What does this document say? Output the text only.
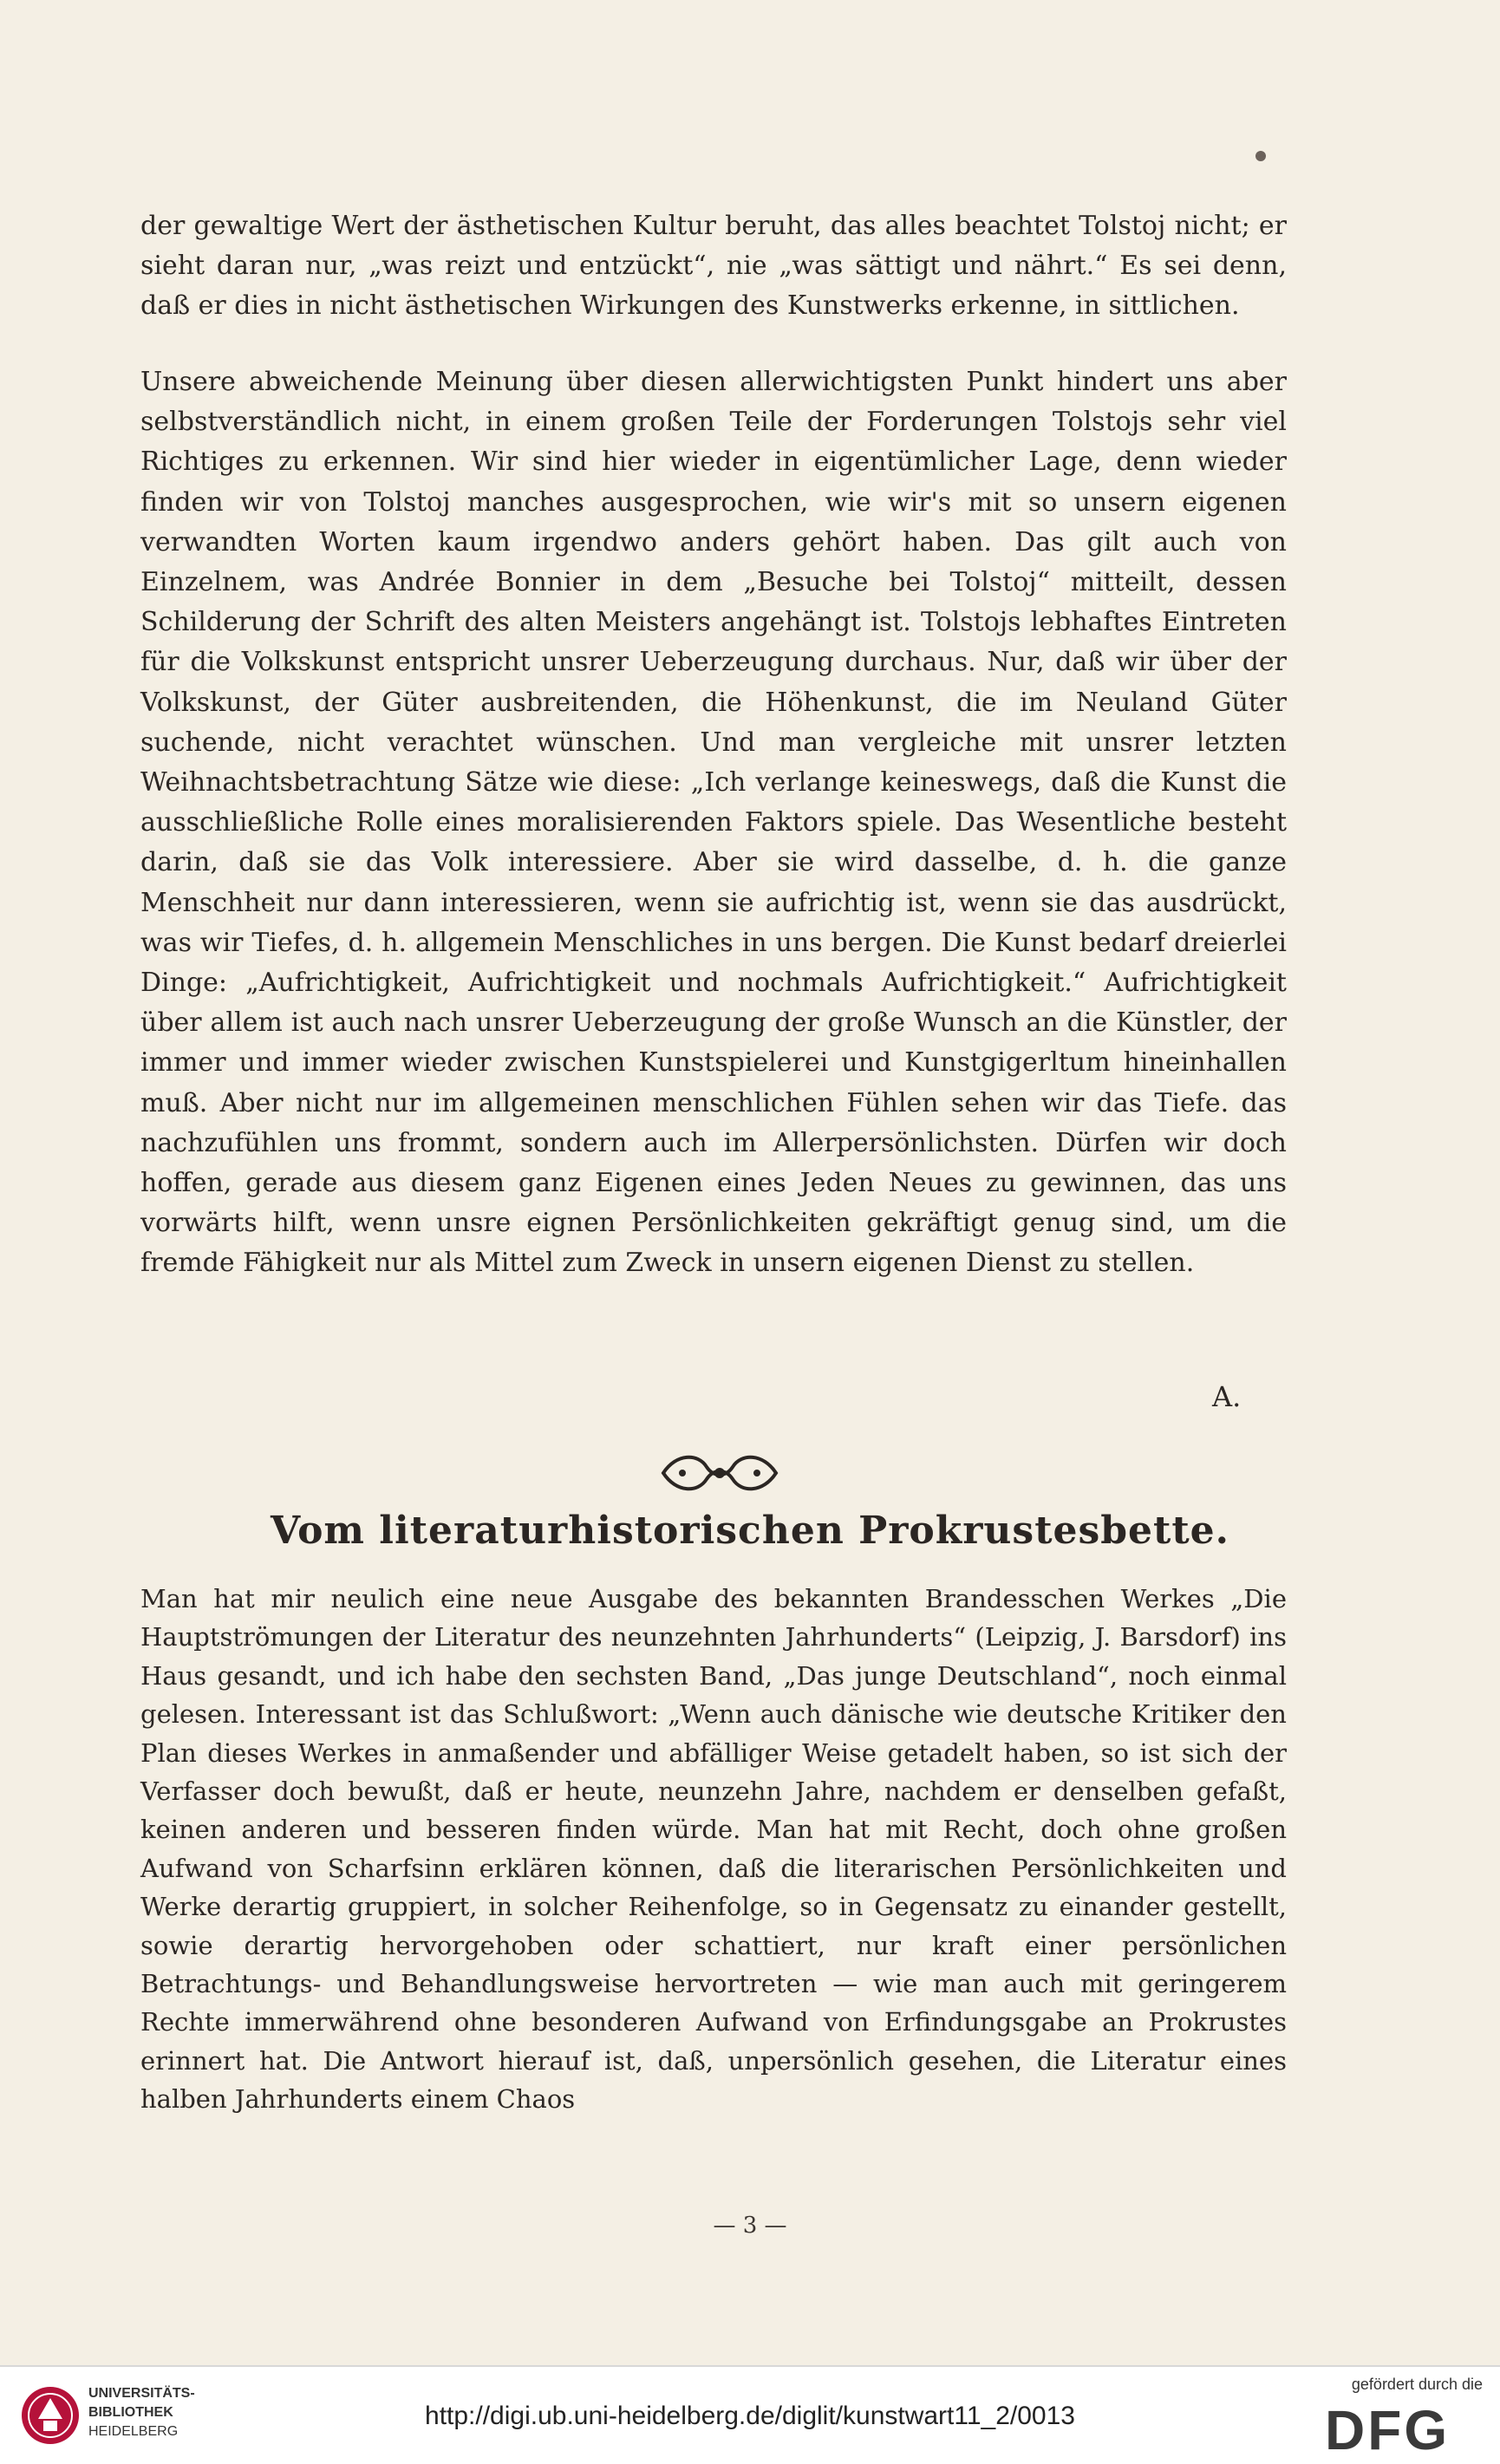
der gewaltige Wert der ästhetischen Kultur beruht, das alles beachtet Tolstoj nicht; er sieht daran nur, „was reizt und entzückt“, nie „was sättigt und nährt.“ Es sei denn, daß er dies in nicht ästhetischen Wirkungen des Kunstwerks erkenne, in sittlichen.
Unsere abweichende Meinung über diesen allerwichtigsten Punkt hindert uns aber selbstverständlich nicht, in einem großen Teile der Forderungen Tolstojs sehr viel Richtiges zu erkennen. Wir sind hier wieder in eigentümlicher Lage, denn wieder finden wir von Tolstoj manches ausgesprochen, wie wir's mit so unsern eigenen verwandten Worten kaum irgendwo anders gehört haben. Das gilt auch von Einzelnem, was Andrée Bonnier in dem „Besuche bei Tolstoj“ mitteilt, dessen Schilderung der Schrift des alten Meisters angehängt ist. Tolstojs lebhaftes Eintreten für die Volkskunst entspricht unsrer Ueberzeugung durchaus. Nur, daß wir über der Volkskunst, der Güter ausbreitenden, die Höhenkunst, die im Neuland Güter suchende, nicht verachtet wünschen. Und man vergleiche mit unsrer letzten Weihnachtsbetrachtung Sätze wie diese: „Ich verlange keineswegs, daß die Kunst die ausschließliche Rolle eines moralisierenden Faktors spiele. Das Wesentliche besteht darin, daß sie das Volk interessiere. Aber sie wird dasselbe, d. h. die ganze Menschheit nur dann interessieren, wenn sie aufrichtig ist, wenn sie das ausdrückt, was wir Tiefes, d. h. allgemein Menschliches in uns bergen. Die Kunst bedarf dreierlei Dinge: „Aufrichtigkeit, Aufrichtigkeit und nochmals Aufrichtigkeit.“ Aufrichtigkeit über allem ist auch nach unsrer Ueberzeugung der große Wunsch an die Künstler, der immer und immer wieder zwischen Kunstspielerei und Kunstgigerltum hineinhallen muß. Aber nicht nur im allgemeinen menschlichen Fühlen sehen wir das Tiefe. das nachzufühlen uns frommt, sondern auch im Allerpersönlichsten. Dürfen wir doch hoffen, gerade aus diesem ganz Eigenen eines Jeden Neues zu gewinnen, das uns vorwärts hilft, wenn unsre eignen Persönlichkeiten gekräftigt genug sind, um die fremde Fähigkeit nur als Mittel zum Zweck in unsern eigenen Dienst zu stellen.
A.
Vom literaturhistorischen Prokrustesbette.
Man hat mir neulich eine neue Ausgabe des bekannten Brandesschen Werkes „Die Hauptströmungen der Literatur des neunzehnten Jahrhunderts“ (Leipzig, J. Barsdorf) ins Haus gesandt, und ich habe den sechsten Band, „Das junge Deutschland“, noch einmal gelesen. Interessant ist das Schlußwort: „Wenn auch dänische wie deutsche Kritiker den Plan dieses Werkes in anmaßender und abfälliger Weise getadelt haben, so ist sich der Verfasser doch bewußt, daß er heute, neunzehn Jahre, nachdem er denselben gefaßt, keinen anderen und besseren finden würde. Man hat mit Recht, doch ohne großen Aufwand von Scharfsinn erklären können, daß die literarischen Persönlichkeiten und Werke derartig gruppiert, in solcher Reihenfolge, so in Gegensatz zu einander gestellt, sowie derartig hervorgehoben oder schattiert, nur kraft einer persönlichen Betrachtungs- und Behandlungsweise hervortreten — wie man auch mit geringerem Rechte immerwährend ohne besonderen Aufwand von Erfindungsgabe an Prokrustes erinnert hat. Die Antwort hierauf ist, daß, unpersönlich gesehen, die Literatur eines halben Jahrhunderts einem Chaos
— 3 —
UNIVERSITÄTS-
BIBLIOTHEK
HEIDELBERG
http://digi.ub.uni-heidelberg.de/diglit/kunstwart11_2/0013
gefördert durch die
DFG
